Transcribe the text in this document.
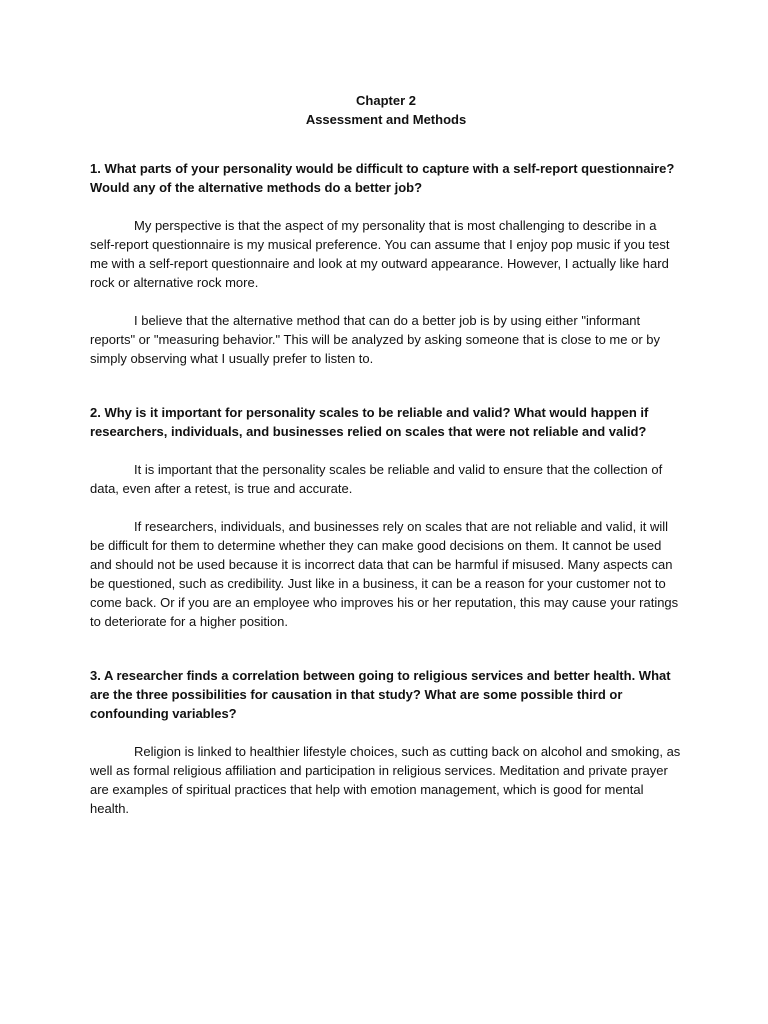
Chapter 2
Assessment and Methods

1. What parts of your personality would be difficult to capture with a self-report questionnaire? Would any of the alternative methods do a better job?

My perspective is that the aspect of my personality that is most challenging to describe in a self-report questionnaire is my musical preference. You can assume that I enjoy pop music if you test me with a self-report questionnaire and look at my outward appearance. However, I actually like hard rock or alternative rock more.

I believe that the alternative method that can do a better job is by using either "informant reports" or "measuring behavior." This will be analyzed by asking someone that is close to me or by simply observing what I usually prefer to listen to.

2. Why is it important for personality scales to be reliable and valid? What would happen if researchers, individuals, and businesses relied on scales that were not reliable and valid?

It is important that the personality scales be reliable and valid to ensure that the collection of data, even after a retest, is true and accurate.

If researchers, individuals, and businesses rely on scales that are not reliable and valid, it will be difficult for them to determine whether they can make good decisions on them. It cannot be used and should not be used because it is incorrect data that can be harmful if misused. Many aspects can be questioned, such as credibility. Just like in a business, it can be a reason for your customer not to come back. Or if you are an employee who improves his or her reputation, this may cause your ratings to deteriorate for a higher position.

3. A researcher finds a correlation between going to religious services and better health. What are the three possibilities for causation in that study? What are some possible third or confounding variables?

Religion is linked to healthier lifestyle choices, such as cutting back on alcohol and smoking, as well as formal religious affiliation and participation in religious services. Meditation and private prayer are examples of spiritual practices that help with emotion management, which is good for mental health.
